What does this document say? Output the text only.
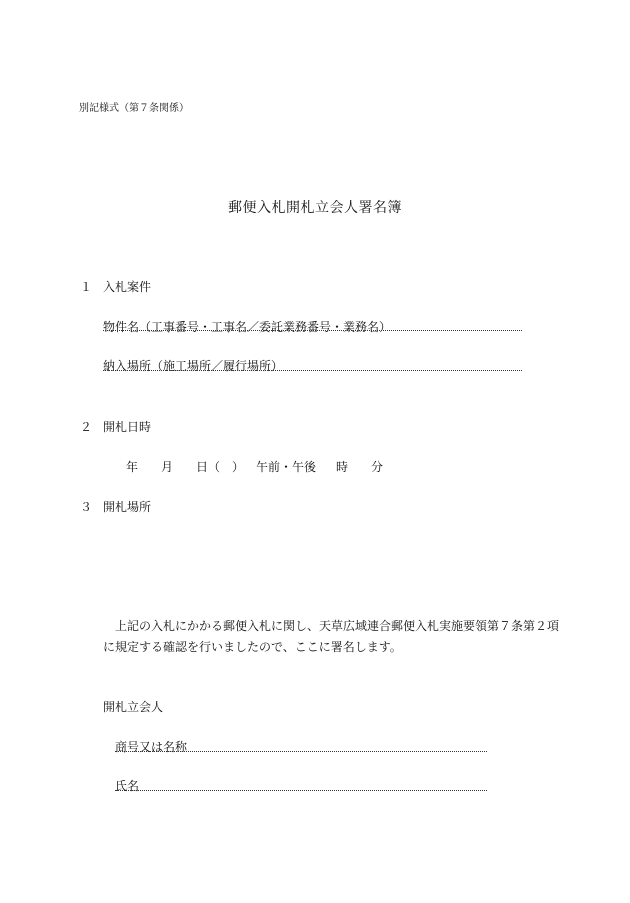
別記様式（第７条関係）
郵便入札開札立会人署名簿
１ 入札案件
物件名（工事番号・工事名／委託業務番号・業務名）
納入場所（施工場所／履行場所）
２ 開札日時
年 月 日（　） 午前・午後 時 分
３ 開札場所
上記の入札にかかる郵便入札に関し、天草広域連合郵便入札実施要領第７条第２項
に規定する確認を行いましたので、ここに署名します。
開札立会人
商号又は名称
氏名
